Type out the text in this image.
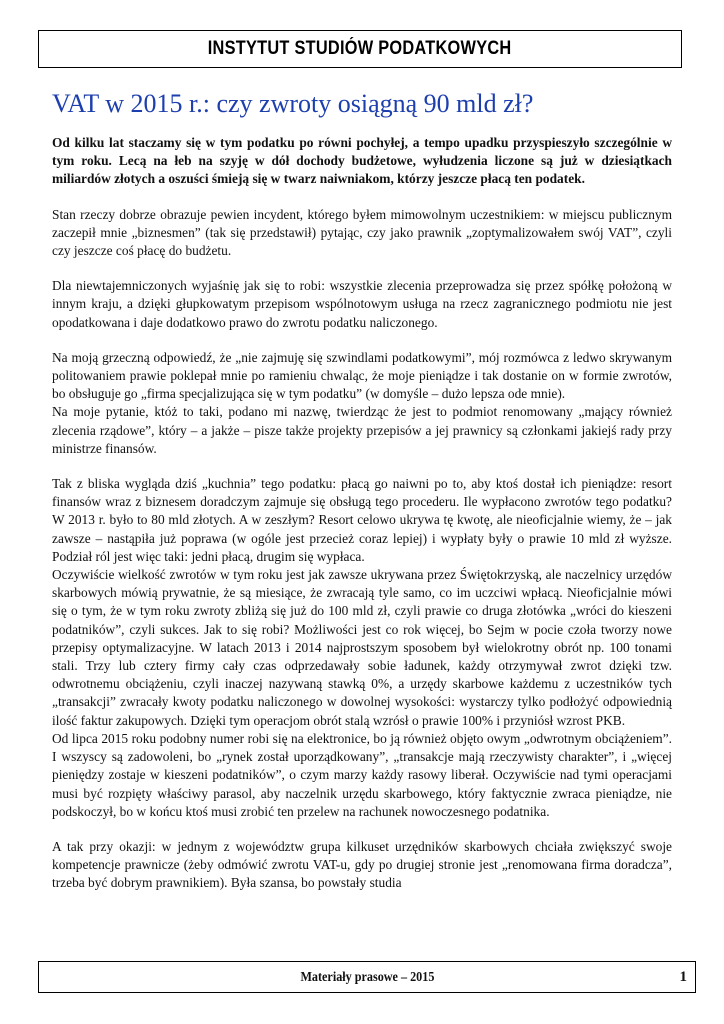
INSTYTUT STUDIÓW PODATKOWYCH
VAT w 2015 r.: czy zwroty osiągną 90 mld zł?

Od kilku lat staczamy się w tym podatku po równi pochyłej, a tempo upadku przyspieszyło szczególnie w tym roku. Lecą na łeb na szyję w dół dochody budżetowe, wyłudzenia liczone są już w dziesiątkach miliardów złotych a oszuści śmieją się w twarz naiwniakom, którzy jeszcze płacą ten podatek.

Stan rzeczy dobrze obrazuje pewien incydent, którego byłem mimowolnym uczestnikiem: w miejscu publicznym zaczepił mnie „biznesmen” (tak się przedstawił) pytając, czy jako prawnik „zoptymalizowałem swój VAT”, czyli czy jeszcze coś płacę do budżetu.

Dla niewtajemniczonych wyjaśnię jak się to robi: wszystkie zlecenia przeprowadza się przez spółkę położoną w innym kraju, a dzięki głupkowatym przepisom wspólnotowym usługa na rzecz zagranicznego podmiotu nie jest opodatkowana i daje dodatkowo prawo do zwrotu podatku naliczonego.

Na moją grzeczną odpowiedź, że „nie zajmuję się szwindlami podatkowymi”, mój rozmówca z ledwo skrywanym politowaniem prawie poklepał mnie po ramieniu chwaląc, że moje pieniądze i tak dostanie on w formie zwrotów, bo obsługuje go „firma specjalizująca się w tym podatku” (w domyśle – dużo lepsza ode mnie).

Na moje pytanie, któż to taki, podano mi nazwę, twierdząc że jest to podmiot renomowany „mający również zlecenia rządowe”, który – a jakże – pisze także projekty przepisów a jej prawnicy są członkami jakiejś rady przy ministrze finansów.

Tak z bliska wygląda dziś „kuchnia” tego podatku: płacą go naiwni po to, aby ktoś dostał ich pieniądze: resort finansów wraz z biznesem doradczym zajmuje się obsługą tego procederu. Ile wypłacono zwrotów tego podatku? W 2013 r. było to 80 mld złotych. A w zeszłym? Resort celowo ukrywa tę kwotę, ale nieoficjalnie wiemy, że – jak zawsze – nastąpiła już poprawa (w ogóle jest przecież coraz lepiej) i wypłaty były o prawie 10 mld zł wyższe. Podział ról jest więc taki: jedni płacą, drugim się wypłaca.

Oczywiście wielkość zwrotów w tym roku jest jak zawsze ukrywana przez Świętokrzyską, ale naczelnicy urzędów skarbowych mówią prywatnie, że są miesiące, że zwracają tyle samo, co im uczciwi wpłacą. Nieoficjalnie mówi się o tym, że w tym roku zwroty zbliżą się już do 100 mld zł, czyli prawie co druga złotówka „wróci do kieszeni podatników”, czyli sukces. Jak to się robi? Możliwości jest co rok więcej, bo Sejm w pocie czoła tworzy nowe przepisy optymalizacyjne. W latach 2013 i 2014 najprostszym sposobem był wielokrotny obrót np. 100 tonami stali. Trzy lub cztery firmy cały czas odprzedawały sobie ładunek, każdy otrzymywał zwrot dzięki tzw. odwrotnemu obciążeniu, czyli inaczej nazywaną stawką 0%, a urzędy skarbowe każdemu z uczestników tych „transakcji” zwracały kwoty podatku naliczonego w dowolnej wysokości: wystarczy tylko podłożyć odpowiednią ilość faktur zakupowych. Dzięki tym operacjom obrót stalą wzrósł o prawie 100% i przyniósł wzrost PKB.

Od lipca 2015 roku podobny numer robi się na elektronice, bo ją również objęto owym „odwrotnym obciążeniem”. I wszyscy są zadowoleni, bo „rynek został uporządkowany”, „transakcje mają rzeczywisty charakter”, i „więcej pieniędzy zostaje w kieszeni podatników”, o czym marzy każdy rasowy liberał. Oczywiście nad tymi operacjami musi być rozpięty właściwy parasol, aby naczelnik urzędu skarbowego, który faktycznie zwraca pieniądze, nie podskoczył, bo w końcu ktoś musi zrobić ten przelew na rachunek nowoczesnego podatnika.

A tak przy okazji: w jednym z województw grupa kilkuset urzędników skarbowych chciała zwiększyć swoje kompetencje prawnicze (żeby odmówić zwrotu VAT-u, gdy po drugiej stronie jest „renomowana firma doradcza”, trzeba być dobrym prawnikiem). Była szansa, bo powstały studia

Materiały prasowe – 2015	1
